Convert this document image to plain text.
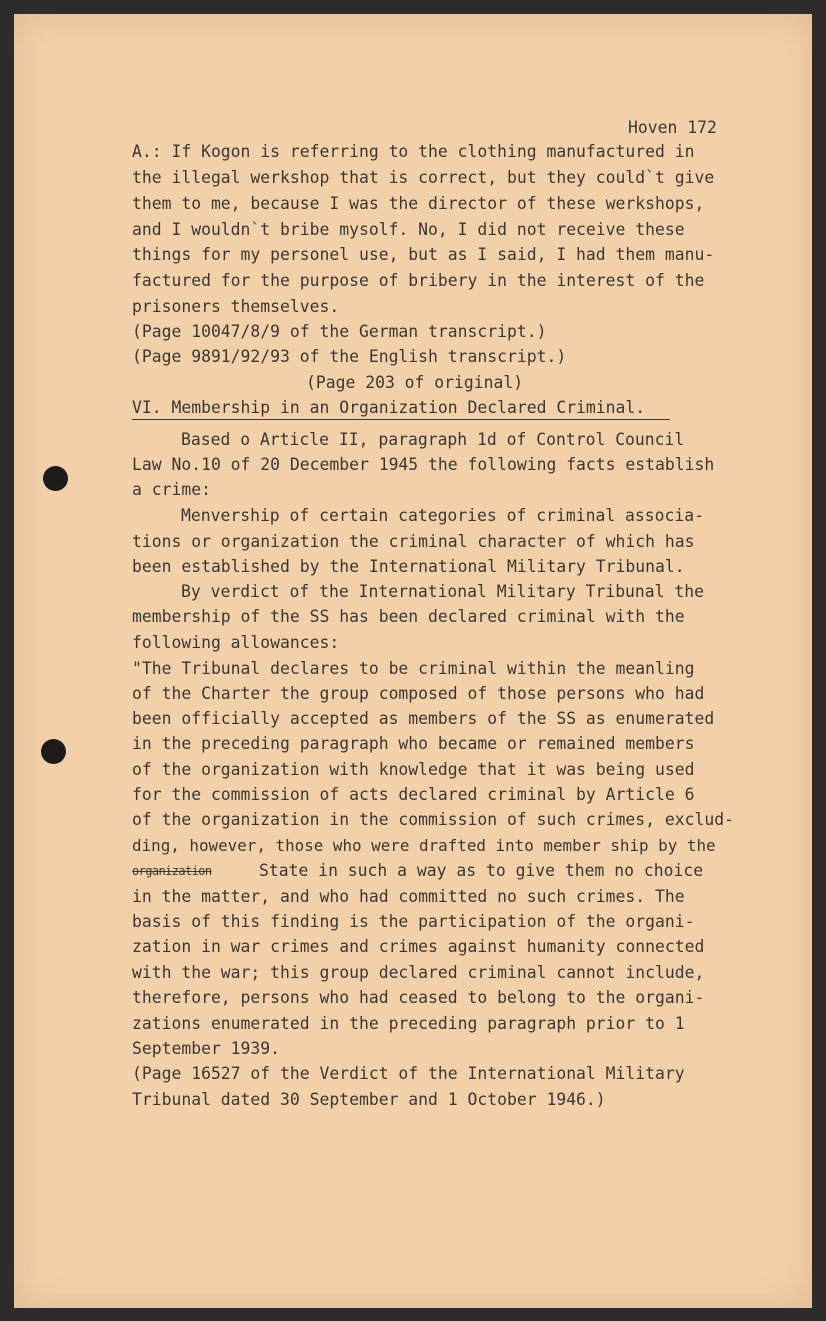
Hoven 172
A.: If Kogon is referring to the clothing manufactured in
the illegal werkshop that is correct, but they could`t give
them to me, because I was the director of these werkshops,
and I wouldn`t bribe mysolf. No, I did not receive these
things for my personel use, but as I said, I had them manu-
factured for the purpose of bribery in the interest of the
prisoners themselves.
(Page 10047/8/9 of the German transcript.)
(Page 9891/92/93 of the English transcript.)
(Page 203 of original)
VI. Membership in an Organization Declared Criminal.
Based o Article II, paragraph 1d of Control Council
Law No.10 of 20 December 1945 the following facts establish
a crime:
Menvership of certain categories of criminal associa-
tions or organization the criminal character of which has
been established by the International Military Tribunal.
By verdict of the International Military Tribunal the
membership of the SS has been declared criminal with the
following allowances:
"The Tribunal declares to be criminal within the meanling
of the Charter the group composed of those persons who had
been officially accepted as members of the SS as enumerated
in the preceding paragraph who became or remained members
of the organization with knowledge that it was being used
for the commission of acts declared criminal by Article 6
of the organization in the commission of such crimes, exclud-
ding, however, those who were drafted into member ship by the
organization	State in such a way as to give them no choice
in the matter, and who had committed no such crimes. The
basis of this finding is the participation of the organi-
zation in war crimes and crimes against humanity connected
with the war; this group declared criminal cannot include,
therefore, persons who had ceased to belong to the organi-
zations enumerated in the preceding paragraph prior to 1
September 1939.
(Page 16527 of the Verdict of the International Military
Tribunal dated 30 September and 1 October 1946.)
